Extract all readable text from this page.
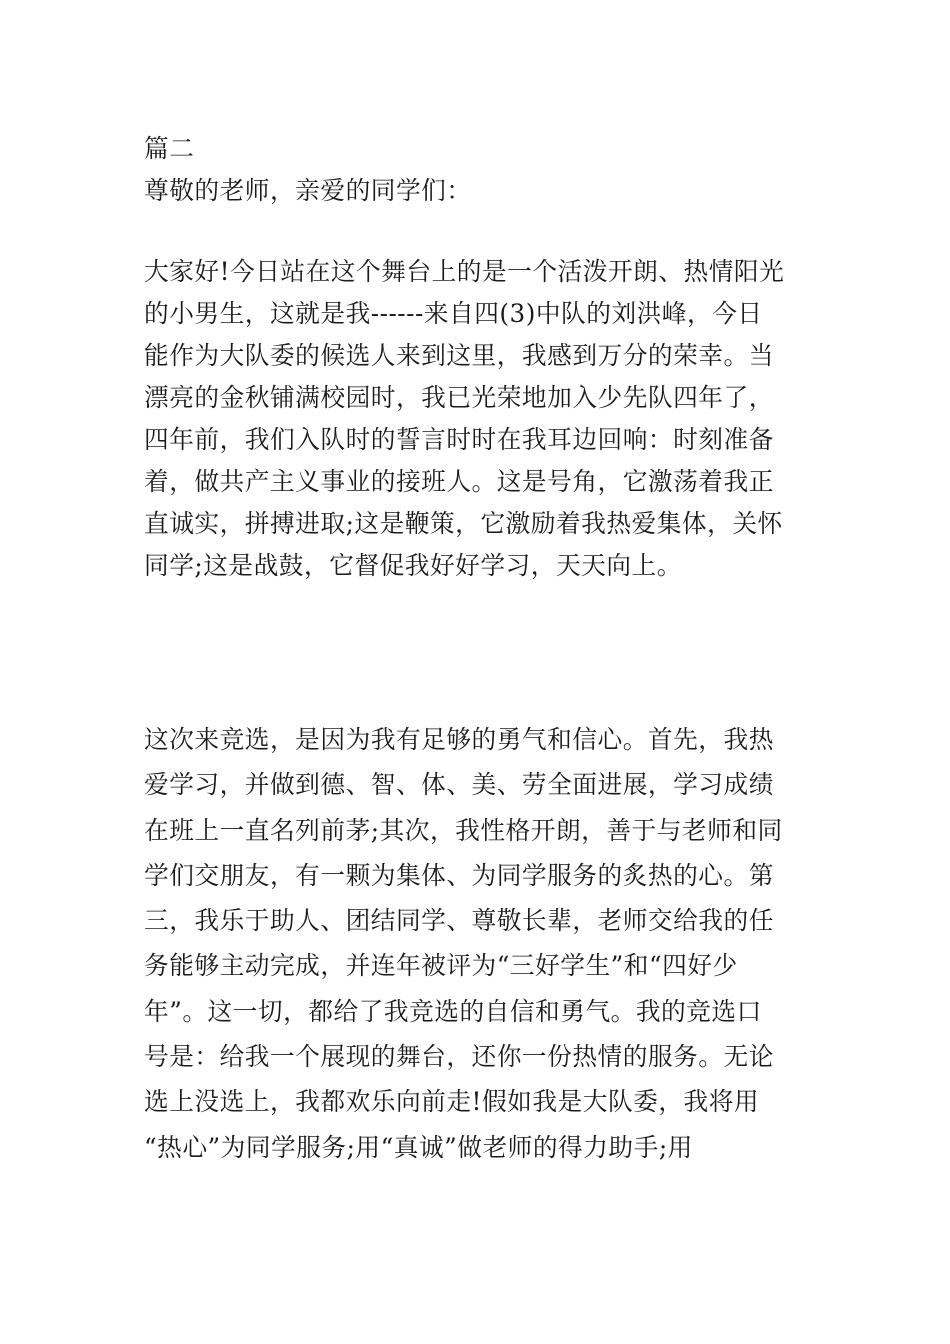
篇二
尊敬的老师，亲爱的同学们：
大家好!今日站在这个舞台上的是一个活泼开朗、热情阳光
的小男生，这就是我------来自四(3)中队的刘洪峰，今日
能作为大队委的候选人来到这里，我感到万分的荣幸。当
漂亮的金秋铺满校园时，我已光荣地加入少先队四年了，
四年前，我们入队时的誓言时时在我耳边回响：时刻准备
着，做共产主义事业的接班人。这是号角，它激荡着我正
直诚实，拼搏进取;这是鞭策，它激励着我热爱集体，关怀
同学;这是战鼓，它督促我好好学习，天天向上。
这次来竞选，是因为我有足够的勇气和信心。首先，我热
爱学习，并做到德、智、体、美、劳全面进展，学习成绩
在班上一直名列前茅;其次，我性格开朗，善于与老师和同
学们交朋友，有一颗为集体、为同学服务的炙热的心。第
三，我乐于助人、团结同学、尊敬长辈，老师交给我的任
务能够主动完成，并连年被评为“三好学生”和“四好少
年”。这一切，都给了我竞选的自信和勇气。我的竞选口
号是：给我一个展现的舞台，还你一份热情的服务。无论
选上没选上，我都欢乐向前走!假如我是大队委，我将用
“热心”为同学服务;用“真诚”做老师的得力助手;用
